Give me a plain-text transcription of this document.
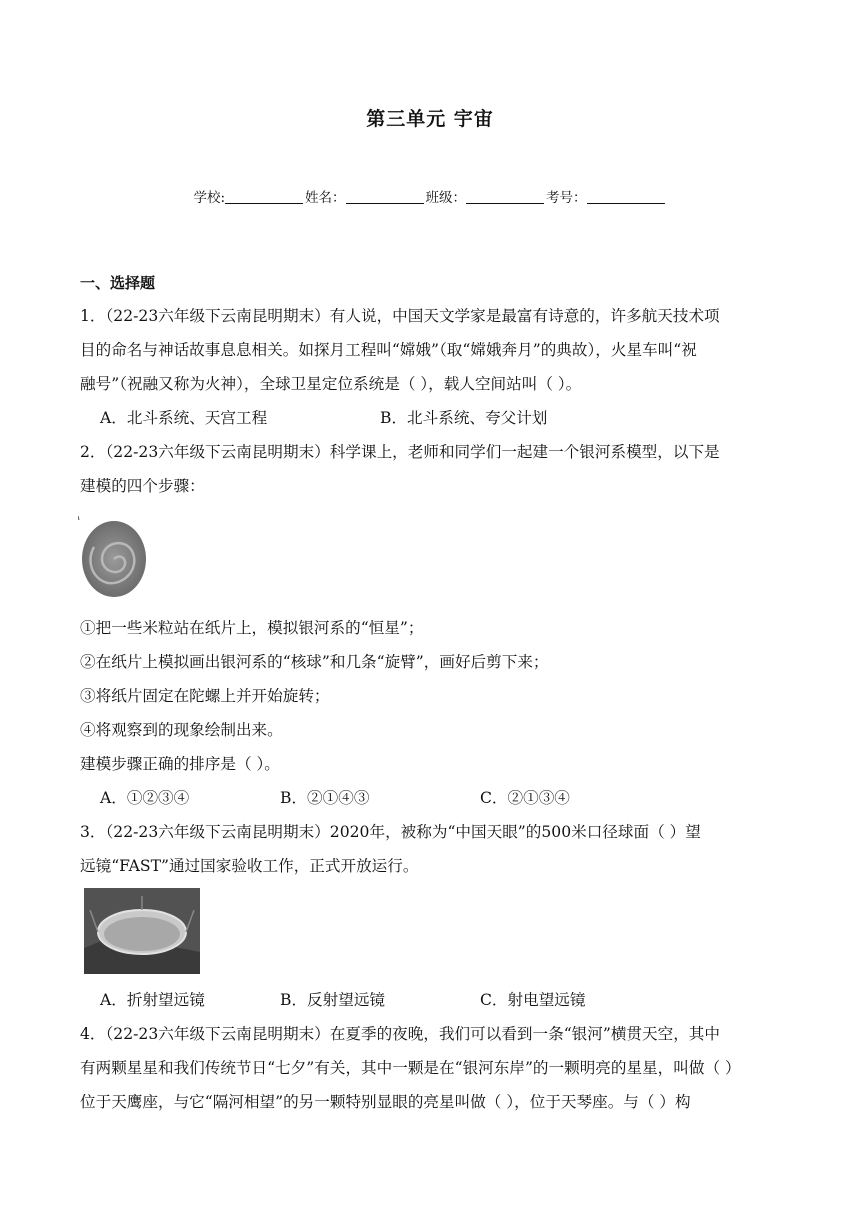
第三单元 宇宙
学校:	姓名：	班级：	考号：
一、选择题
1．（22-23六年级下云南昆明期末）有人说，中国天文学家是最富有诗意的，许多航天技术项
目的命名与神话故事息息相关。如探月工程叫“嫦娥”（取“嫦娥奔月”的典故），火星车叫“祝
融号”（祝融又称为火神），全球卫星定位系统是（ ），载人空间站叫（ ）。
A．北斗系统、天宫工程	B．北斗系统、夸父计划
2．（22-23六年级下云南昆明期末）科学课上，老师和同学们一起建一个银河系模型，以下是
建模的四个步骤：
①把一些米粒站在纸片上，模拟银河系的“恒星”；
②在纸片上模拟画出银河系的“核球”和几条“旋臂”，画好后剪下来；
③将纸片固定在陀螺上并开始旋转；
④将观察到的现象绘制出来。
建模步骤正确的排序是（ ）。
A．①②③④	B．②①④③	C．②①③④
3．（22-23六年级下云南昆明期末）2020年，被称为“中国天眼”的500米口径球面（ ）望
远镜“FAST”通过国家验收工作，正式开放运行。
A．折射望远镜	B．反射望远镜	C．射电望远镜
4．（22-23六年级下云南昆明期末）在夏季的夜晚，我们可以看到一条“银河”横贯天空，其中
有两颗星星和我们传统节日“七夕”有关，其中一颗是在“银河东岸”的一颗明亮的星星，叫做（ ）
位于天鹰座，与它“隔河相望”的另一颗特别显眼的亮星叫做（ ），位于天琴座。与（ ）构
